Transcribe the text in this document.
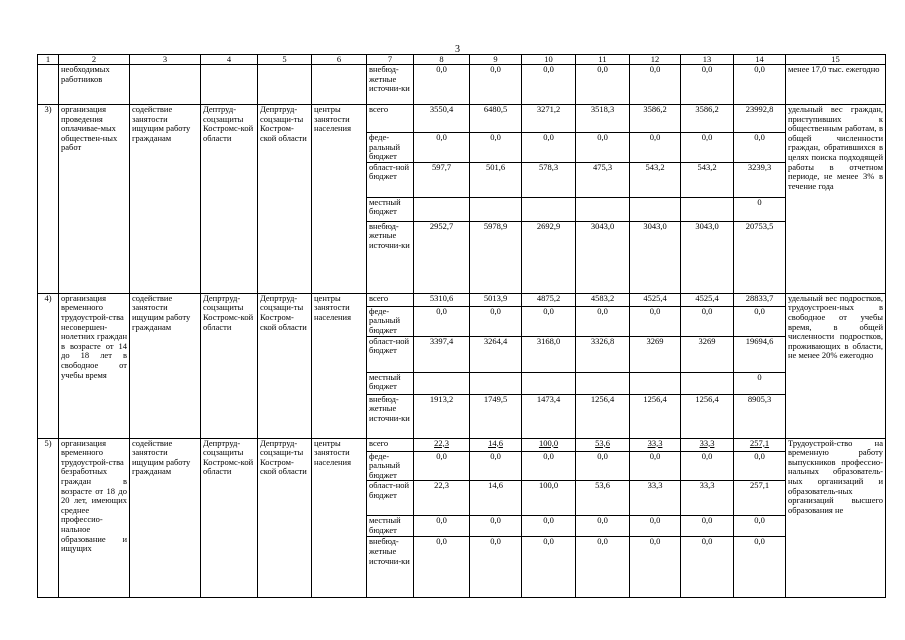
3
1	2	3	4	5	6	7	8	9	10	11	12	13	14	15
	необходимых работников					внебюд-жетные источни-ки	0,0	0,0	0,0	0,0	0,0	0,0	0,0	менее 17,0 тыс. ежегодно
3)	организация проведения оплачивае-мых обществен-ных работ	содействие занятости ищущим работу гражданам	Дептруд-соцзащиты Костромс-кой области	Депртруд-соцзащи-ты Костром-ской области	центры занятости населения	всего	3550,4	6480,5	3271,2	3518,3	3586,2	3586,2	23992,8	удельный вес граждан, приступивших к общественным работам, в общей численности граждан, обратившихся в целях поиска подходящей работы в отчетном периоде, не менее 3% в течение года
						феде-ральный бюджет	0,0	0,0	0,0	0,0	0,0	0,0	0,0	
						област-ной бюджет	597,7	501,6	578,3	475,3	543,2	543,2	3239,3	
						местный бюджет							0	
						внебюд-жетные источни-ки	2952,7	5978,9	2692,9	3043,0	3043,0	3043,0	20753,5	
4)	организация временного трудоустрой-ства несовершен-нолетних граждан в возрасте от 14 до 18 лет в свободное от учебы время	содействие занятости ищущим работу гражданам	Депртруд-соцзащиты Костромс-кой области	Депртруд-соцзащи-ты Костром-ской области	центры занятости населения	всего	5310,6	5013,9	4875,2	4583,2	4525,4	4525,4	28833,7	удельный вес подростков, трудоустроен-ных в свободное от учебы время, в общей численности подростков, проживающих в области, не менее 20% ежегодно
						феде-ральный бюджет	0,0	0,0	0,0	0,0	0,0	0,0	0,0	
						област-ной бюджет	3397,4	3264,4	3168,0	3326,8	3269	3269	19694,6	
						местный бюджет							0	
						внебюд-жетные источни-ки	1913,2	1749,5	1473,4	1256,4	1256,4	1256,4	8905,3	
5)	организация временного трудоустрой-ства безработных граждан в возрасте от 18 до 20 лет, имеющих среднее профессио-нальное образование и ищущих	содействие занятости ищущим работу гражданам	Депртруд-соцзащиты Костромс-кой области	Депртруд-соцзащи-ты Костром-ской области	центры занятости населения	всего	22,3	14,6	100,0	53,6	33,3	33,3	257,1	Трудоустрой-ство на временную работу выпускников профессио-нальных образователь-ных организаций и образователь-ных организаций высшего образования не
						феде-ральный бюджет	0,0	0,0	0,0	0,0	0,0	0,0	0,0	
						област-ной бюджет	22,3	14,6	100,0	53,6	33,3	33,3	257,1	
						местный бюджет	0,0	0,0	0,0	0,0	0,0	0,0	0,0	
						внебюд-жетные источни-ки	0,0	0,0	0,0	0,0	0,0	0,0	0,0	
